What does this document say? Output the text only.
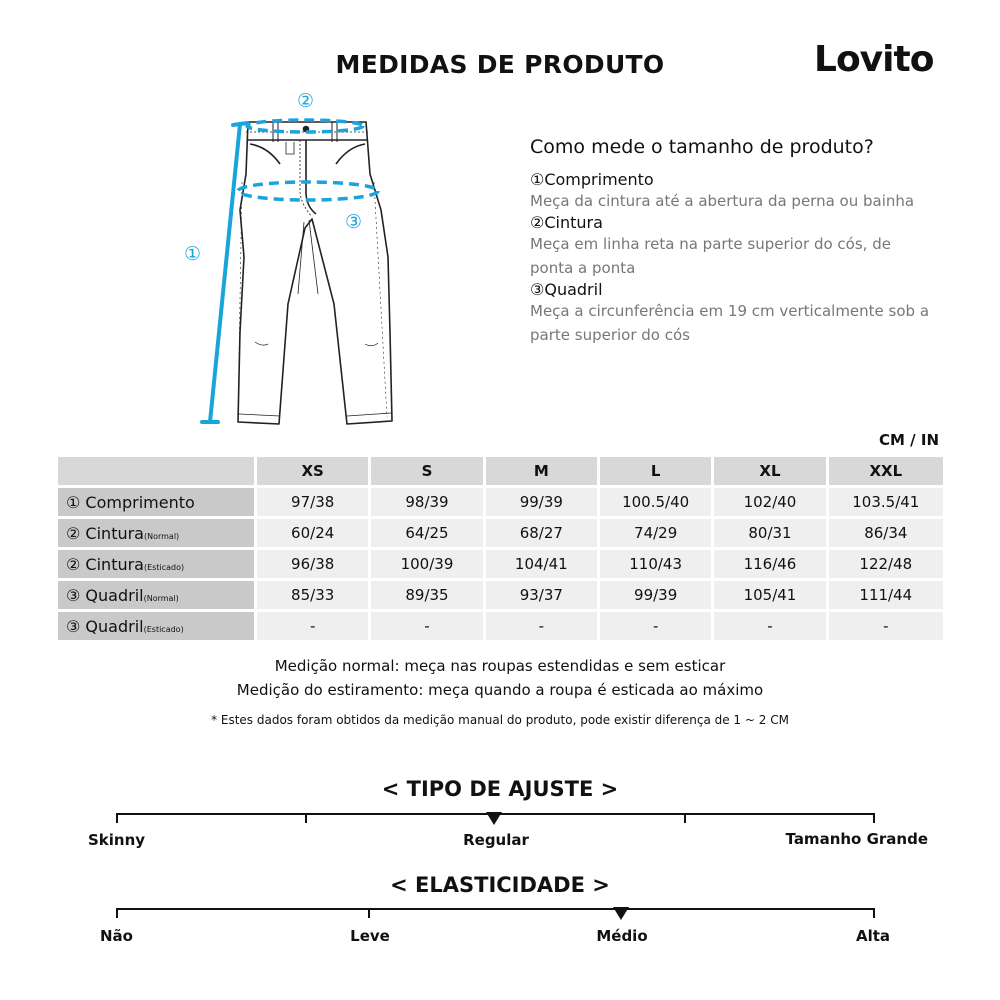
MEDIDAS DE PRODUTO	Lovito
①
②
③
Como mede o tamanho de produto?
①Comprimento
Meça da cintura até a abertura da perna ou bainha
②Cintura
Meça em linha reta na parte superior do cós, de ponta a ponta
③Quadril
Meça a circunferência em 19 cm verticalmente sob a parte superior do cós
CM / IN
	XS	S	M	L	XL	XXL
① Comprimento	97/38	98/39	99/39	100.5/40	102/40	103.5/41
② Cintura(Normal)	60/24	64/25	68/27	74/29	80/31	86/34
② Cintura(Esticado)	96/38	100/39	104/41	110/43	116/46	122/48
③ Quadril(Normal)	85/33	89/35	93/37	99/39	105/41	111/44
③ Quadril(Esticado)	-	-	-	-	-	-
Medição normal: meça nas roupas estendidas e sem esticar
Medição do estiramento: meça quando a roupa é esticada ao máximo
* Estes dados foram obtidos da medição manual do produto, pode existir diferença de 1 ~ 2 CM
< TIPO DE AJUSTE >
Skinny	Regular	Tamanho Grande
< ELASTICIDADE >
Não	Leve	Médio	Alta
